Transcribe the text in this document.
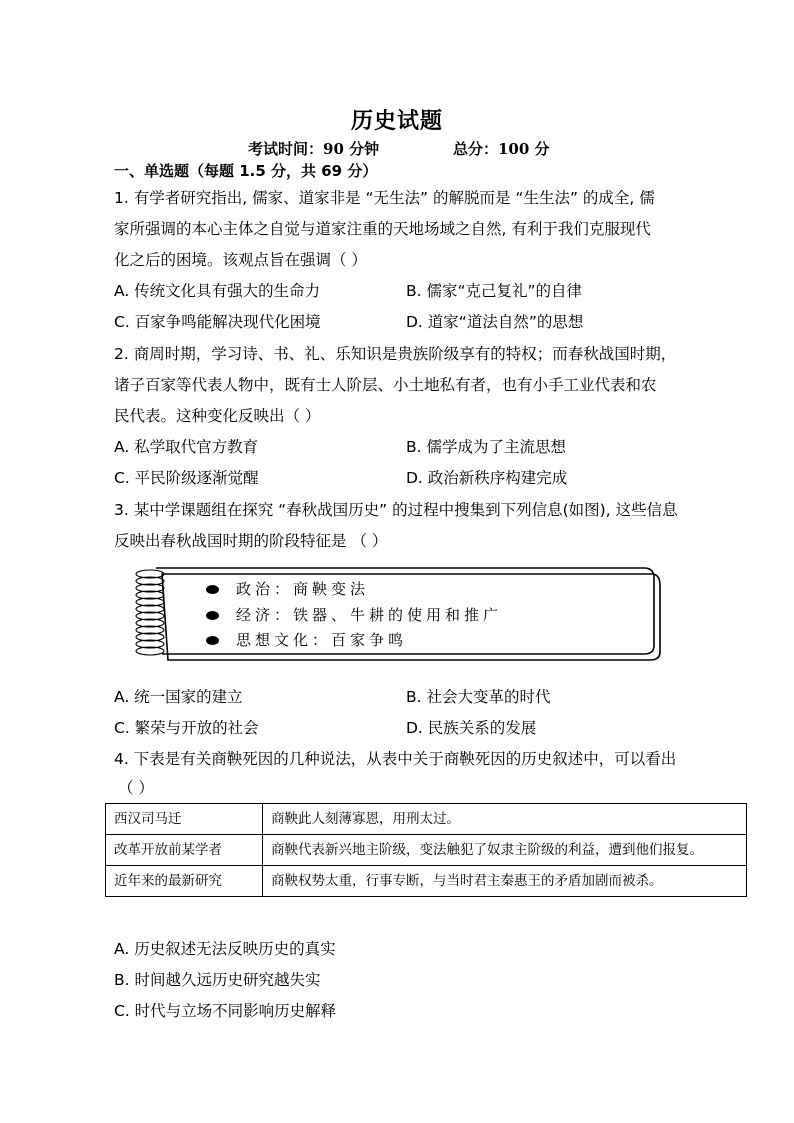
历史试题
考试时间：90 分钟	总分：100 分
一、单选题（每题 1.5 分，共 69 分）
1. 有学者研究指出, 儒家、道家非是 “无生法” 的解脱而是 “生生法” 的成全, 儒
家所强调的本心主体之自觉与道家注重的天地场域之自然, 有利于我们克服现代
化之后的困境。该观点旨在强调（ ）
A. 传统文化具有强大的生命力	B. 儒家“克己复礼”的自律
C. 百家争鸣能解决现代化困境	D. 道家“道法自然”的思想
2. 商周时期，学习诗、书、礼、乐知识是贵族阶级享有的特权；而春秋战国时期，
诸子百家等代表人物中，既有士人阶层、小土地私有者，也有小手工业代表和农
民代表。这种变化反映出（ ）
A. 私学取代官方教育	B. 儒学成为了主流思想
C. 平民阶级逐渐觉醒	D. 政治新秩序构建完成
3. 某中学课题组在探究 “春秋战国历史” 的过程中搜集到下列信息(如图), 这些信息
反映出春秋战国时期的阶段特征是 （ ）
政治：商鞅变法
经济：铁器、牛耕的使用和推广
思想文化：百家争鸣
A. 统一国家的建立	B. 社会大变革的时代
C. 繁荣与开放的社会	D. 民族关系的发展
4. 下表是有关商鞅死因的几种说法，从表中关于商鞅死因的历史叙述中，可以看出
（ ）
西汉司马迁	商鞅此人刻薄寡恩，用刑太过。
改革开放前某学者	商鞅代表新兴地主阶级，变法触犯了奴隶主阶级的利益，遭到他们报复。
近年来的最新研究	商鞅权势太重，行事专断，与当时君主秦惠王的矛盾加剧而被杀。
A. 历史叙述无法反映历史的真实
B. 时间越久远历史研究越失实
C. 时代与立场不同影响历史解释
